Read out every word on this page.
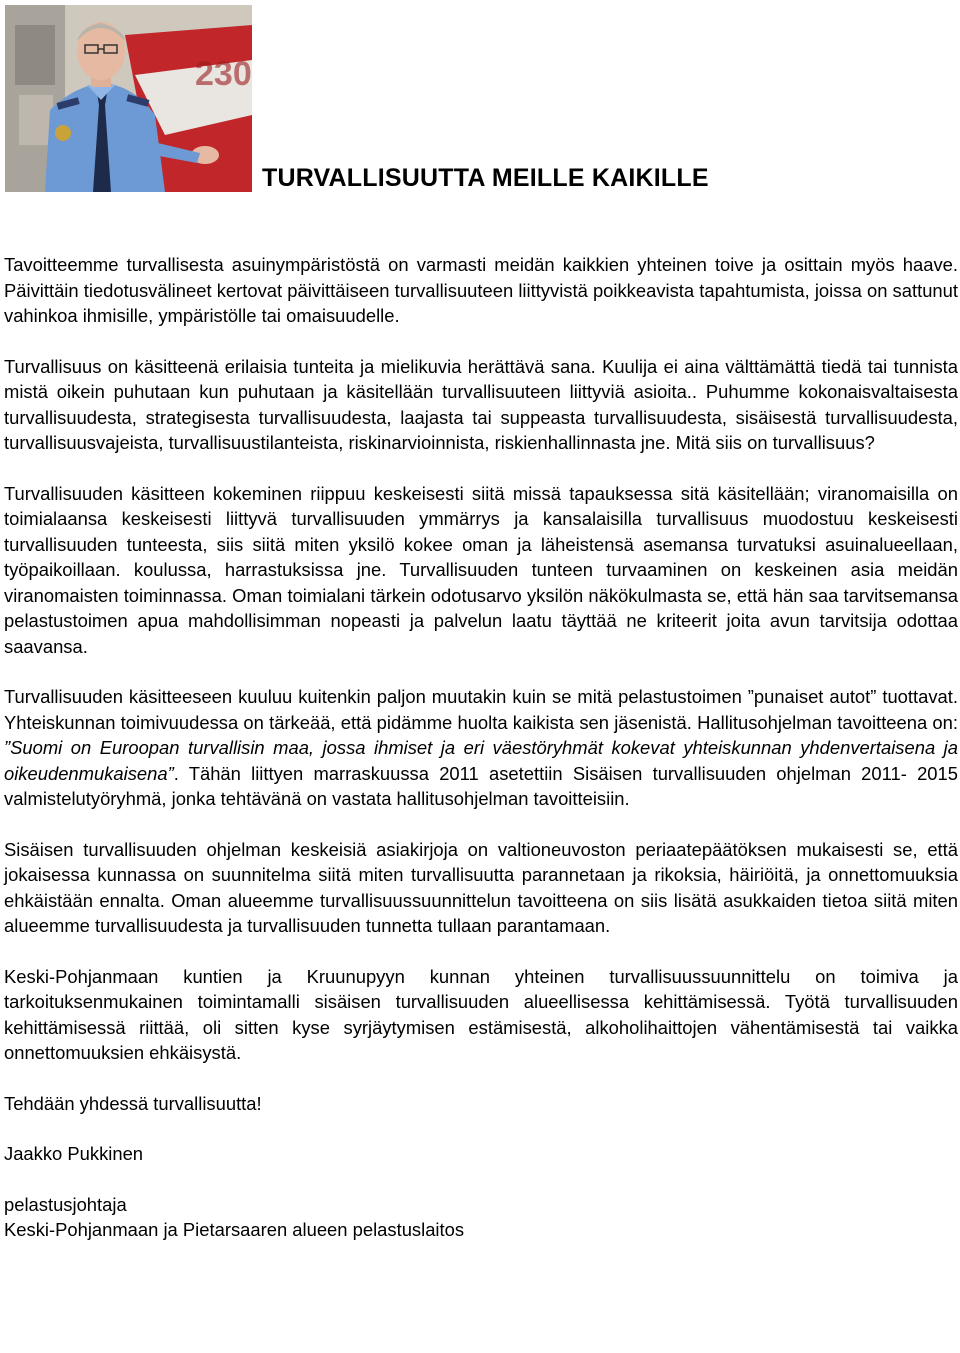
230
TURVALLISUUTTA MEILLE KAIKILLE

Tavoitteemme turvallisesta asuinympäristöstä on varmasti meidän kaikkien yhteinen toive ja osittain myös haave. Päivittäin tiedotusvälineet kertovat päivittäiseen turvallisuuteen liittyvistä poikkeavista tapahtumista, joissa on sattunut vahinkoa ihmisille, ympäristölle tai omaisuudelle.

Turvallisuus on käsitteenä erilaisia tunteita ja mielikuvia herättävä sana. Kuulija ei aina välttämättä tiedä tai tunnista mistä oikein puhutaan kun puhutaan ja käsitellään turvallisuuteen liittyviä asioita.. Puhumme kokonaisvaltaisesta turvallisuudesta, strategisesta turvallisuudesta, laajasta tai suppeasta turvallisuudesta, sisäisestä turvallisuudesta, turvallisuusvajeista, turvallisuustilanteista, riskinarvioinnista, riskienhallinnasta jne. Mitä siis on turvallisuus?

Turvallisuuden käsitteen kokeminen riippuu keskeisesti siitä missä tapauksessa sitä käsitellään; viranomaisilla on toimialaansa keskeisesti liittyvä turvallisuuden ymmärrys ja kansalaisilla turvallisuus muodostuu keskeisesti turvallisuuden tunteesta, siis siitä miten yksilö kokee oman ja läheistensä asemansa turvatuksi asuinalueellaan, työpaikoillaan. koulussa, harrastuksissa jne. Turvallisuuden tunteen turvaaminen on keskeinen asia meidän viranomaisten toiminnassa. Oman toimialani tärkein odotusarvo yksilön näkökulmasta se, että hän saa tarvitsemansa pelastustoimen apua mahdollisimman nopeasti ja palvelun laatu täyttää ne kriteerit joita avun tarvitsija odottaa saavansa.

Turvallisuuden käsitteeseen kuuluu kuitenkin paljon muutakin kuin se mitä pelastustoimen ”punaiset autot” tuottavat. Yhteiskunnan toimivuudessa on tärkeää, että pidämme huolta kaikista sen jäsenistä. Hallitusohjelman tavoitteena on: ”Suomi on Euroopan turvallisin maa, jossa ihmiset ja eri väestöryhmät kokevat yhteiskunnan yhdenvertaisena ja oikeudenmukaisena”. Tähän liittyen marraskuussa 2011 asetettiin Sisäisen turvallisuuden ohjelman 2011- 2015 valmistelutyöryhmä, jonka tehtävänä on vastata hallitusohjelman tavoitteisiin.

Sisäisen turvallisuuden ohjelman keskeisiä asiakirjoja on valtioneuvoston periaatepäätöksen mukaisesti se, että jokaisessa kunnassa on suunnitelma siitä miten turvallisuutta parannetaan ja rikoksia, häiriöitä, ja onnettomuuksia ehkäistään ennalta. Oman alueemme turvallisuussuunnittelun tavoitteena on siis lisätä asukkaiden tietoa siitä miten alueemme turvallisuudesta ja turvallisuuden tunnetta tullaan parantamaan.

Keski-Pohjanmaan kuntien ja Kruunupyyn kunnan yhteinen turvallisuussuunnittelu on toimiva ja tarkoituksenmukainen toimintamalli sisäisen turvallisuuden alueellisessa kehittämisessä. Työtä turvallisuuden kehittämisessä riittää, oli sitten kyse syrjäytymisen estämisestä, alkoholihaittojen vähentämisestä tai vaikka onnettomuuksien ehkäisystä.

Tehdään yhdessä turvallisuutta!

Jaakko Pukkinen

pelastusjohtaja

Keski-Pohjanmaan ja Pietarsaaren alueen pelastuslaitos
